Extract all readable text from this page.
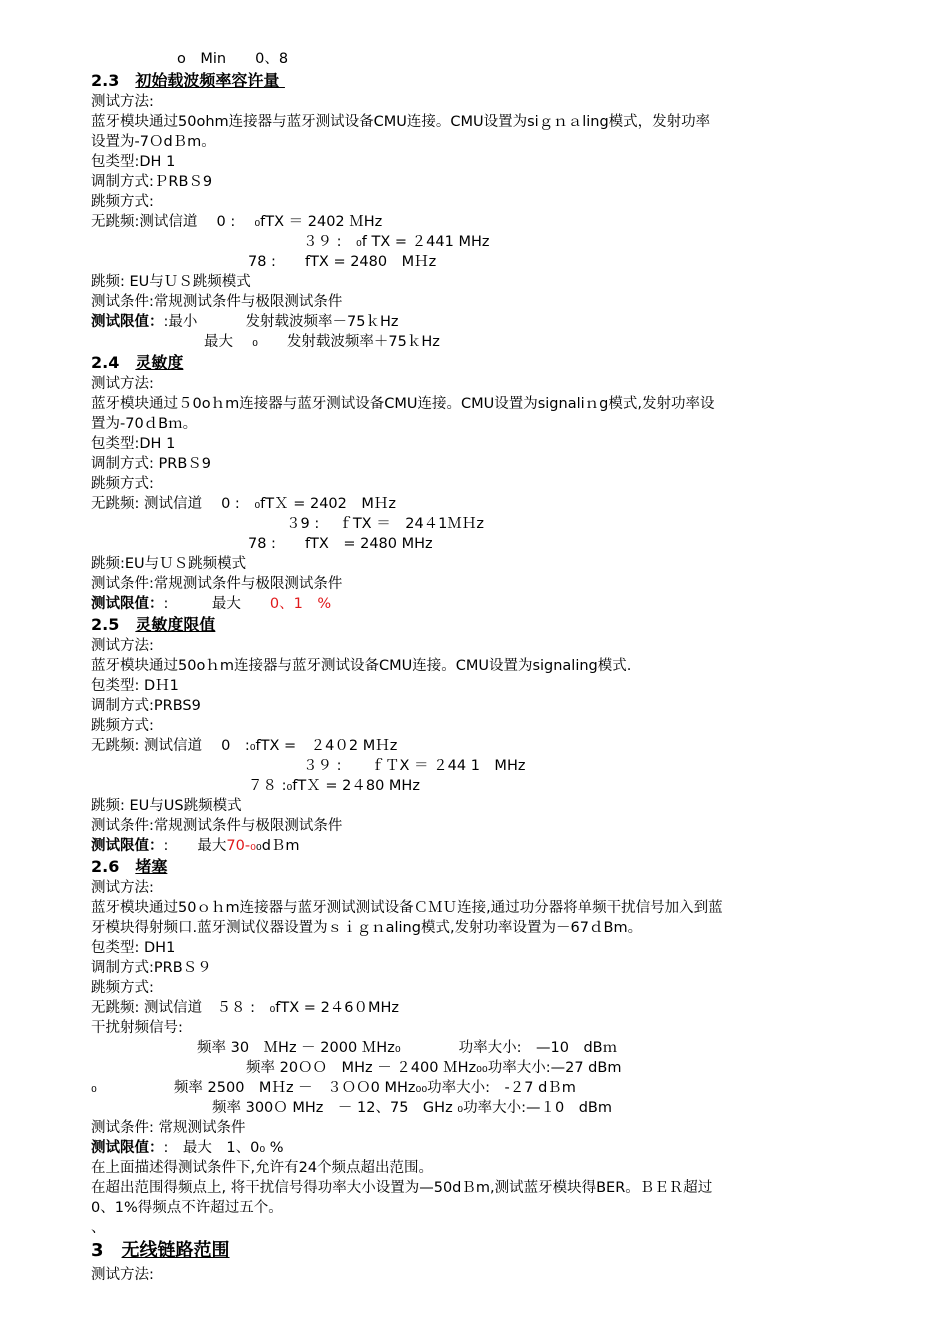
o　Min　　0、8
2.3　 初始载波频率容许量
测试方法:
蓝牙模块通过50ohm连接器与蓝牙测试设备CMU连接。CMU设置为siｇｎａling模式，发射功率
设置为-7ＯdＢm。
包类型:DH 1
调制方式:ＰRBＳ9
跳频方式:
无跳频:测试信道　 0 :　 ₀fTX ＝ 2402 ＭHz
３９ :　₀f TX = ２441 MHz
78 :　　fTX = 2480　MＨz
跳频: EU与ＵＳ跳频模式
测试条件:常规测试条件与极限测试条件
测试限值：:最小　　　 发射载波频率－75ｋHz
最大 　₀　　发射载波频率＋75ｋHz
2.4　 灵敏度
测试方法:
蓝牙模块通过５0oｈm连接器与蓝牙测试设备CMU连接。CMU设置为signaliｎg模式,发射功率设
置为-70ｄBｍ。
包类型:DH 1
调制方式: PRBＳ9
跳频方式:
无跳频: 测试信道　 0 :　₀fTＸ = 2402　MＨz
３9 :　 ｆTX ＝　24４1ＭＨz
78 :　　fTX　= 2480 MHz
跳频:EU与ＵＳ跳频模式
测试条件:常规测试条件与极限测试条件
测试限值：:　　　最大　　0、1　%
2.5　 灵敏度限值
测试方法:
蓝牙模块通过50oｈm连接器与蓝牙测试设备CMU连接。CMU设置为signaling模式.
包类型: DＨ1
调制方式:PRBS9
跳频方式:
无跳频: 测试信道　 0　:₀fTX =　２4０2 MＨz
３９ :　　ｆＴX ＝ ２44 1　MHz
７８ :₀fTＸ = 2４80 MHz
跳频: EU与US跳频模式
测试条件:常规测试条件与极限测试条件
测试限值：:　　最大70-₀₀dＢm
2.6　 堵塞
测试方法:
蓝牙模块通过50ｏｈm连接器与蓝牙测试测试设备ＣＭＵ连接,通过功分器将单频干扰信号加入到蓝
牙模块得射频口.蓝牙测试仪器设置为ｓｉｇｎaling模式,发射功率设置为－67ｄBm。
包类型: DH1
调制方式:PRBＳ９
跳频方式:
无跳频: 测试信道　５８ :　₀fTX = 2４6０MHz
干扰射频信号:
频率 30　ＭHz － 2000 ＭHz₀　　　　功率大小:　—10　dBｍ
频率 20ＯＯ　MHz － ２400 ＭHz₀₀功率大小:—27 dBm
₀　　　　　 频率 2500　MＨz －　３ＯＯ0 MHz₀₀功率大小:　-２7 dＢm
频率 300Ｏ MHz　－ 12、75　GHz ₀功率大小:—１0　dBm
测试条件: 常规测试条件
测试限值：:　最大　1、0₀ %
在上面描述得测试条件下,允许有24个频点超出范围。
在超出范围得频点上, 将干扰信号得功率大小设置为—50dＢm,测试蓝牙模块得BER。ＢＥＲ超过
0、1%得频点不许超过五个。
、
3　 无线链路范围
测试方法:
